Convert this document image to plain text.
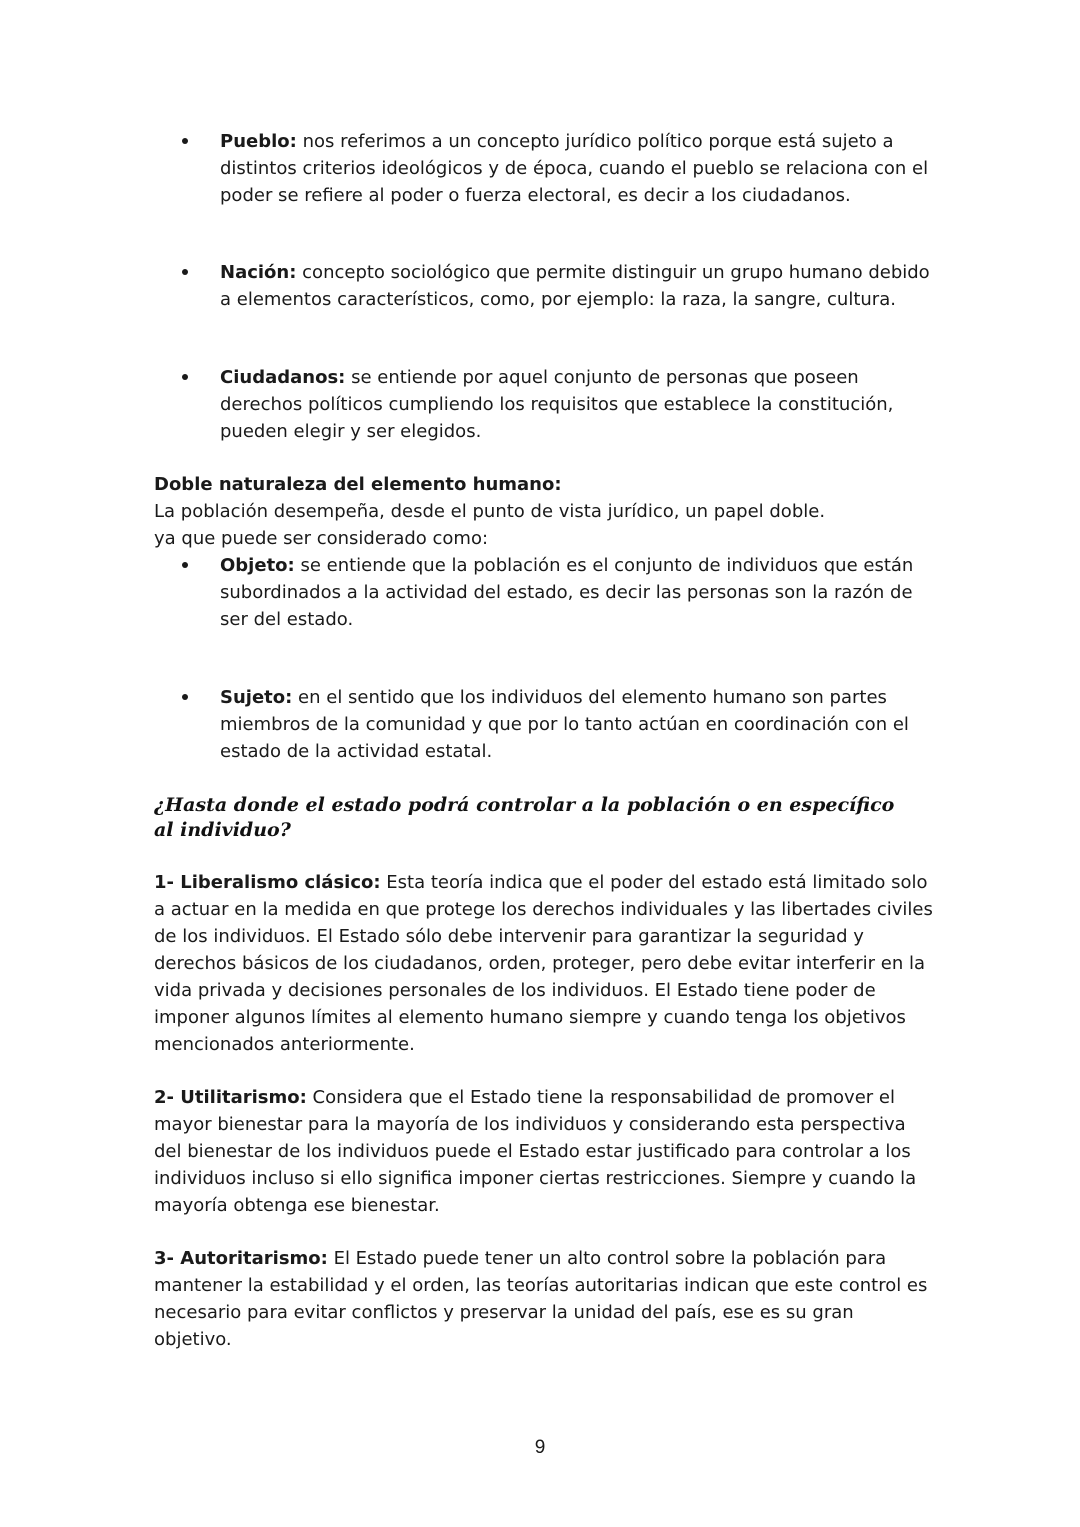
Pueblo: nos referimos a un concepto jurídico político porque está sujeto a distintos criterios ideológicos y de época, cuando el pueblo se relaciona con el poder se refiere al poder o fuerza electoral, es decir a los ciudadanos.
Nación: concepto sociológico que permite distinguir un grupo humano debido a elementos característicos, como, por ejemplo: la raza, la sangre, cultura.
Ciudadanos: se entiende por aquel conjunto de personas que poseen derechos políticos cumpliendo los requisitos que establece la constitución, pueden elegir y ser elegidos.
Doble naturaleza del elemento humano:
La población desempeña, desde el punto de vista jurídico, un papel doble.
ya que puede ser considerado como:
Objeto: se entiende que la población es el conjunto de individuos que están subordinados a la actividad del estado, es decir las personas son la razón de ser del estado.
Sujeto: en el sentido que los individuos del elemento humano son partes miembros de la comunidad y que por lo tanto actúan en coordinación con el estado de la actividad estatal.
¿Hasta donde el estado podrá controlar a la población o en específico al individuo?
1- Liberalismo clásico: Esta teoría indica que el poder del estado está limitado solo a actuar en la medida en que protege los derechos individuales y las libertades civiles de los individuos. El Estado sólo debe intervenir para garantizar la seguridad y derechos básicos de los ciudadanos, orden, proteger, pero debe evitar interferir en la vida privada y decisiones personales de los individuos. El Estado tiene poder de imponer algunos límites al elemento humano siempre y cuando tenga los objetivos mencionados anteriormente.
2- Utilitarismo: Considera que el Estado tiene la responsabilidad de promover el mayor bienestar para la mayoría de los individuos y considerando esta perspectiva del bienestar de los individuos puede el Estado estar justificado para controlar a los individuos incluso si ello significa imponer ciertas restricciones. Siempre y cuando la mayoría obtenga ese bienestar.
3- Autoritarismo: El Estado puede tener un alto control sobre la población para mantener la estabilidad y el orden, las teorías autoritarias indican que este control es necesario para evitar conflictos y preservar la unidad del país, ese es su gran objetivo.
9
